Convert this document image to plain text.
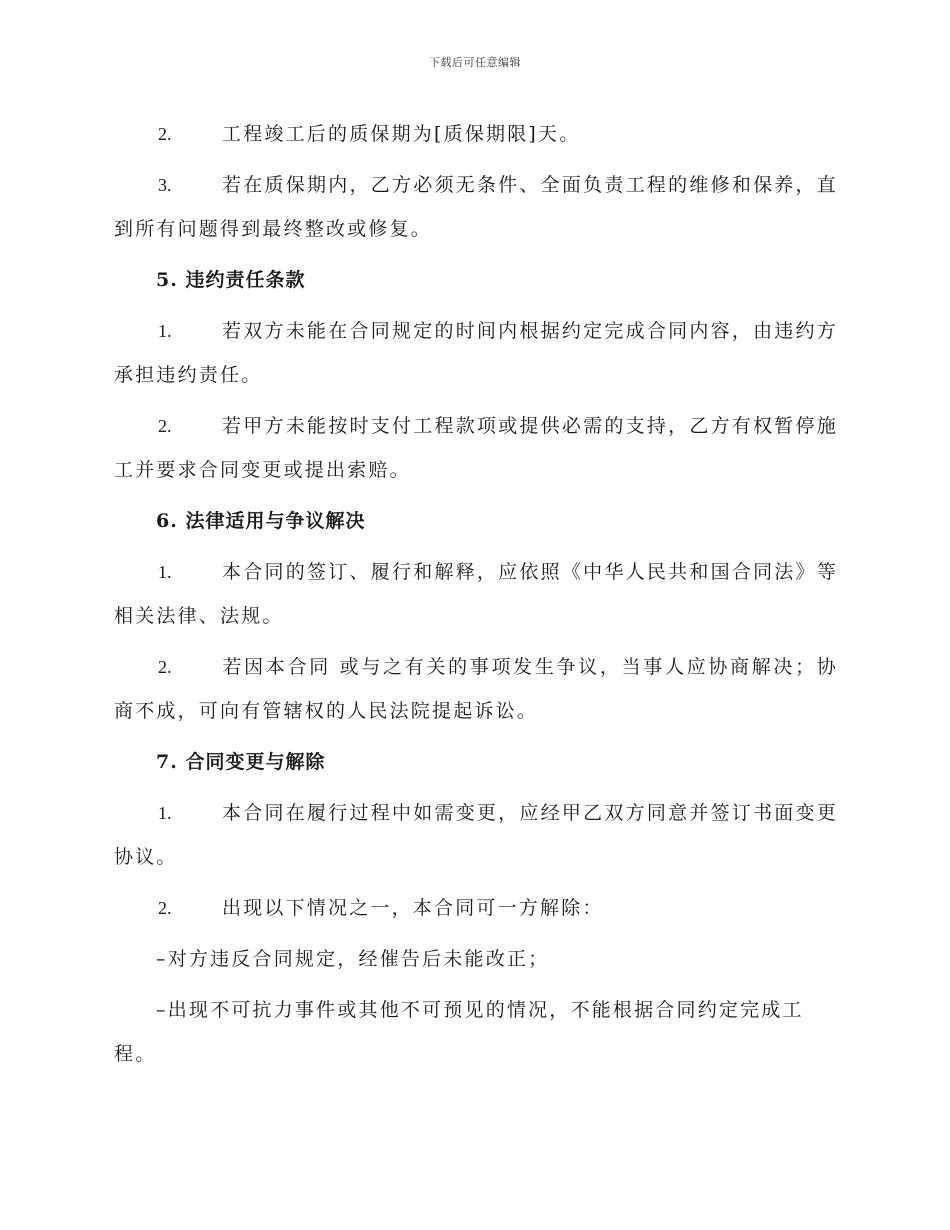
下载后可任意编辑

2.	工程竣工后的质保期为[质保期限]天。

3.	若在质保期内，乙方必须无条件、全面负责工程的维修和保养，直到所有问题得到最终整改或修复。

5. 违约责任条款

1.	若双方未能在合同规定的时间内根据约定完成合同内容，由违约方承担违约责任。

2.	若甲方未能按时支付工程款项或提供必需的支持，乙方有权暂停施工并要求合同变更或提出索赔。

6. 法律适用与争议解决

1.	本合同的签订、履行和解释，应依照《中华人民共和国合同法》等相关法律、法规。

2.	若因本合同 或与之有关的事项发生争议，当事人应协商解决；协商不成，可向有管辖权的人民法院提起诉讼。

7. 合同变更与解除

1.	本合同在履行过程中如需变更，应经甲乙双方同意并签订书面变更协议。

2.	出现以下情况之一，本合同可一方解除：

–对方违反合同规定，经催告后未能改正；

–出现不可抗力事件或其他不可预见的情况，不能根据合同约定完成工程。
